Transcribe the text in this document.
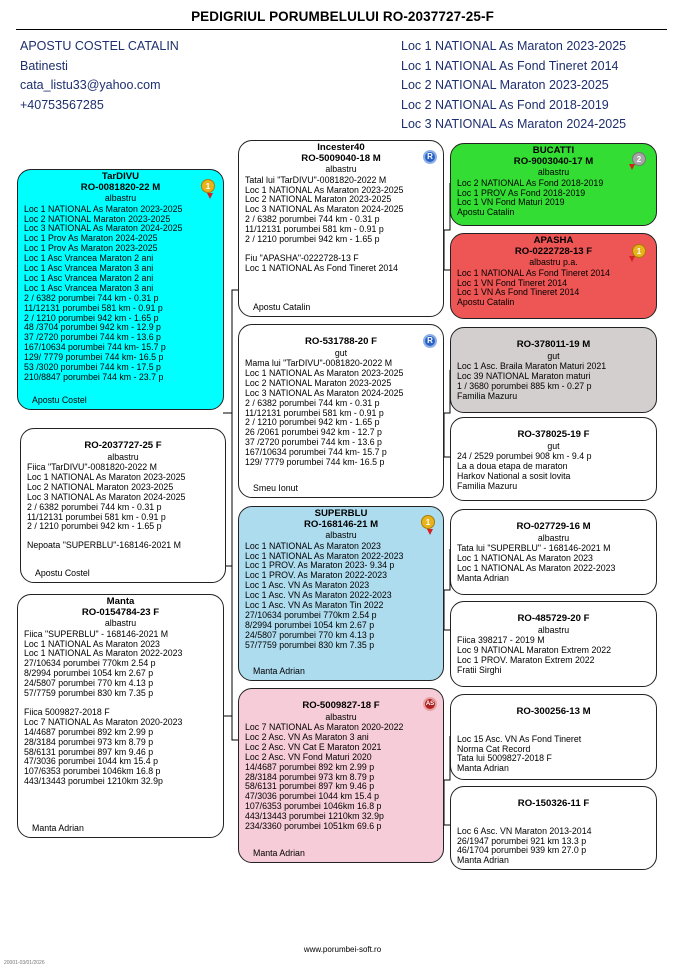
PEDIGRIUL PORUMBELULUI RO-2037727-25-F
APOSTU COSTEL CATALIN
Batinesti
cata_listu33@yahoo.com
+40753567285
Loc 1 NATIONAL As Maraton 2023-2025
Loc 1 NATIONAL As Fond Tineret 2014
Loc 2 NATIONAL Maraton 2023-2025
Loc 2 NATIONAL As Fond 2018-2019
Loc 3 NATIONAL As Maraton 2024-2025
TarDIVU
RO-0081820-22 M
albastru
Loc 1 NATIONAL As Maraton 2023-2025
Loc 2 NATIONAL Maraton 2023-2025
Loc 3 NATIONAL As Maraton 2024-2025
Loc 1 Prov As Maraton 2024-2025
Loc 1 Prov As Maraton 2023-2025
Loc 1 Asc Vrancea Maraton 2 ani
Loc 1 Asc Vrancea Maraton 3 ani
Loc 1 Asc Vrancea Maraton 2 ani
Loc 1 Asc Vrancea Maraton 3 ani
2 / 6382 porumbei 744 km - 0.31 p
11/12131 porumbei 581 km - 0.91 p
2 / 1210 porumbei 942 km - 1.65 p
48 /3704 porumbei 942 km - 12.9 p
37 /2720 porumbei 744 km - 13.6 p
167/10634 porumbei 744 km- 15.7 p
129/ 7779 porumbei 744 km- 16.5 p
53 /3020 porumbei 744 km - 17.5 p
210/8847 porumbei 744 km - 23.7 p
Apostu Costel
1
RO-2037727-25 F
albastru
Fiica "TarDIVU"-0081820-2022 M
Loc 1 NATIONAL As Maraton 2023-2025
Loc 2 NATIONAL Maraton 2023-2025
Loc 3 NATIONAL As Maraton 2024-2025
2 / 6382 porumbei 744 km - 0.31 p
11/12131 porumbei 581 km - 0.91 p
2 / 1210 porumbei 942 km - 1.65 p
Nepoata "SUPERBLU"-168146-2021 M
Apostu Costel
Manta
RO-0154784-23 F
albastru
Fiica "SUPERBLU" - 168146-2021 M
Loc 1 NATIONAL As Maraton 2023
Loc 1 NATIONAL As Maraton 2022-2023
27/10634 porumbei 770km 2.54 p
8/2994 porumbei 1054 km 2.67 p
24/5807 porumbei 770 km 4.13 p
57/7759 porumbei 830 km 7.35 p
Fiica 5009827-2018 F
Loc 7 NATIONAL As Maraton 2020-2023
14/4687 porumbei 892 km 2.99 p
28/3184 porumbei 973 km 8.79 p
58/6131 porumbei 897 km 9.46 p
47/3036 porumbei 1044 km 15.4 p
107/6353 porumbei 1046km 16.8 p
443/13443 porumbei 1210km 32.9p
Manta Adrian
Incester40
RO-5009040-18 M
albastru
Tatal lui "TarDIVU"-0081820-2022 M
Loc 1 NATIONAL As Maraton 2023-2025
Loc 2 NATIONAL Maraton 2023-2025
Loc 3 NATIONAL As Maraton 2024-2025
2 / 6382 porumbei 744 km - 0.31 p
11/12131 porumbei 581 km - 0.91 p
2 / 1210 porumbei 942 km - 1.65 p
Fiu "APASHA"-0222728-13 F
Loc 1 NATIONAL As Fond Tineret 2014
Apostu Catalin
R
RO-531788-20 F
gut
Mama lui "TarDIVU"-0081820-2022 M
Loc 1 NATIONAL As Maraton 2023-2025
Loc 2 NATIONAL Maraton 2023-2025
Loc 3 NATIONAL As Maraton 2024-2025
2 / 6382 porumbei 744 km - 0.31 p
11/12131 porumbei 581 km - 0.91 p
2 / 1210 porumbei 942 km - 1.65 p
26 /2061 porumbei 942 km - 12.7 p
37 /2720 porumbei 744 km - 13.6 p
167/10634 porumbei 744 km- 15.7 p
129/ 7779 porumbei 744 km- 16.5 p
Smeu Ionut
R
SUPERBLU
RO-168146-21 M
albastru
Loc 1 NATIONAL As Maraton 2023
Loc 1 NATIONAL As Maraton 2022-2023
Loc 1 PROV. As Maraton 2023- 9.34 p
Loc 1 PROV. As Maraton 2022-2023
Loc 1 Asc. VN As Maraton 2023
Loc 1 Asc. VN As Maraton 2022-2023
Loc 1 Asc. VN As Maraton Tin 2022
27/10634 porumbei 770km 2.54 p
8/2994 porumbei 1054 km 2.67 p
24/5807 porumbei 770 km 4.13 p
57/7759 porumbei 830 km 7.35 p
Manta Adrian
1
RO-5009827-18 F
albastru
Loc 7 NATIONAL As Maraton 2020-2022
Loc 2 Asc. VN As Maraton 3 ani
Loc 2 Asc. VN Cat E Maraton 2021
Loc 2 Asc. VN Fond Maturi 2020
14/4687 porumbei 892 km 2.99 p
28/3184 porumbei 973 km 8.79 p
58/6131 porumbei 897 km 9.46 p
47/3036 porumbei 1044 km 15.4 p
107/6353 porumbei 1046km 16.8 p
443/13443 porumbei 1210km 32.9p
234/3360 porumbei 1051km 69.6 p
Manta Adrian
AS
BUCATTI
RO-9003040-17 M
albastru
Loc 2 NATIONAL As Fond 2018-2019
Loc 1 PROV As Fond 2018-2019
Loc 1 VN Fond Maturi 2019
Apostu Catalin
2
APASHA
RO-0222728-13 F
albastru p.a.
Loc 1 NATIONAL As Fond Tineret 2014
Loc 1 VN Fond Tineret 2014
Loc 1 VN As Fond Tineret 2014
Apostu Catalin
1
RO-378011-19 M
gut
Loc 1 Asc. Braila Maraton Maturi 2021
Loc 39 NATIONAL Maraton maturi
1 / 3680 porumbei 885 km - 0.27 p
Familia Mazuru
RO-378025-19 F
gut
24 / 2529 porumbei 908 km - 9.4 p
La a doua etapa de maraton
Harkov National a sosit lovita
Familia Mazuru
RO-027729-16 M
albastru
Tata lui "SUPERBLU" - 168146-2021 M
Loc 1 NATIONAL As Maraton 2023
Loc 1 NATIONAL As Maraton 2022-2023
Manta Adrian
RO-485729-20 F
albastru
Fiica 398217 - 2019 M
Loc 9 NATIONAL Maraton Extrem 2022
Loc 1 PROV. Maraton Extrem 2022
Fratii Sirghi
RO-300256-13 M
Loc 15 Asc. VN As Fond Tineret
Norma Cat Record
Tata lui 5009827-2018 F
Manta Adrian
RO-150326-11 F
Loc 6 Asc. VN Maraton 2013-2014
26/1947 porumbei 921 km 13.3 p
46/1704 porumbei 939 km 27.0 p
Manta Adrian
www.porumbei-soft.ro
20001-03/01/2026
